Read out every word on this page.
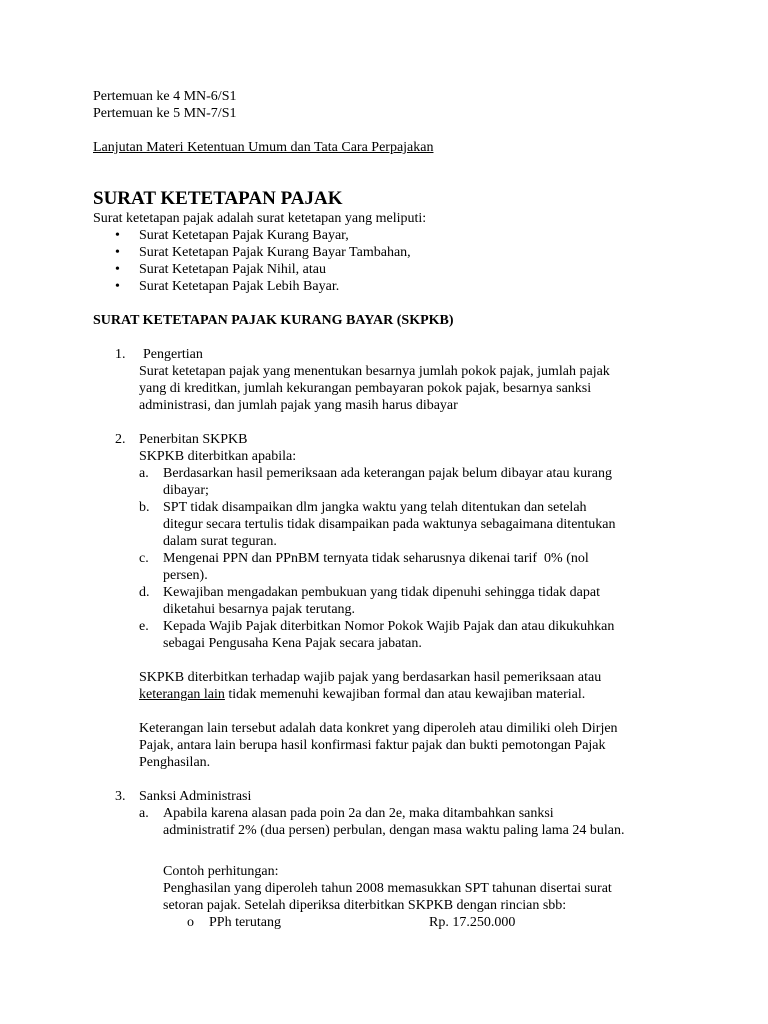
Pertemuan ke 4 MN-6/S1
Pertemuan ke 5 MN-7/S1
Lanjutan Materi Ketentuan Umum dan Tata Cara Perpajakan
SURAT KETETAPAN PAJAK
Surat ketetapan pajak adalah surat ketetapan yang meliputi:
• Surat Ketetapan Pajak Kurang Bayar,
• Surat Ketetapan Pajak Kurang Bayar Tambahan,
• Surat Ketetapan Pajak Nihil, atau
• Surat Ketetapan Pajak Lebih Bayar.
SURAT KETETAPAN PAJAK KURANG BAYAR (SKPKB)
1. Pengertian
Surat ketetapan pajak yang menentukan besarnya jumlah pokok pajak, jumlah pajak
yang di kreditkan, jumlah kekurangan pembayaran pokok pajak, besarnya sanksi
administrasi, dan jumlah pajak yang masih harus dibayar
2. Penerbitan SKPKB
SKPKB diterbitkan apabila:
a. Berdasarkan hasil pemeriksaan ada keterangan pajak belum dibayar atau kurang
dibayar;
b. SPT tidak disampaikan dlm jangka waktu yang telah ditentukan dan setelah
ditegur secara tertulis tidak disampaikan pada waktunya sebagaimana ditentukan
dalam surat teguran.
c. Mengenai PPN dan PPnBM ternyata tidak seharusnya dikenai tarif  0% (nol
persen).
d. Kewajiban mengadakan pembukuan yang tidak dipenuhi sehingga tidak dapat
diketahui besarnya pajak terutang.
e. Kepada Wajib Pajak diterbitkan Nomor Pokok Wajib Pajak dan atau dikukuhkan
sebagai Pengusaha Kena Pajak secara jabatan.
SKPKB diterbitkan terhadap wajib pajak yang berdasarkan hasil pemeriksaan atau
keterangan lain tidak memenuhi kewajiban formal dan atau kewajiban material.
Keterangan lain tersebut adalah data konkret yang diperoleh atau dimiliki oleh Dirjen
Pajak, antara lain berupa hasil konfirmasi faktur pajak dan bukti pemotongan Pajak
Penghasilan.
3. Sanksi Administrasi
a. Apabila karena alasan pada poin 2a dan 2e, maka ditambahkan sanksi
administratif 2% (dua persen) perbulan, dengan masa waktu paling lama 24 bulan.
Contoh perhitungan:
Penghasilan yang diperoleh tahun 2008 memasukkan SPT tahunan disertai surat
setoran pajak. Setelah diperiksa diterbitkan SKPKB dengan rincian sbb:
o PPh terutang	Rp. 17.250.000
